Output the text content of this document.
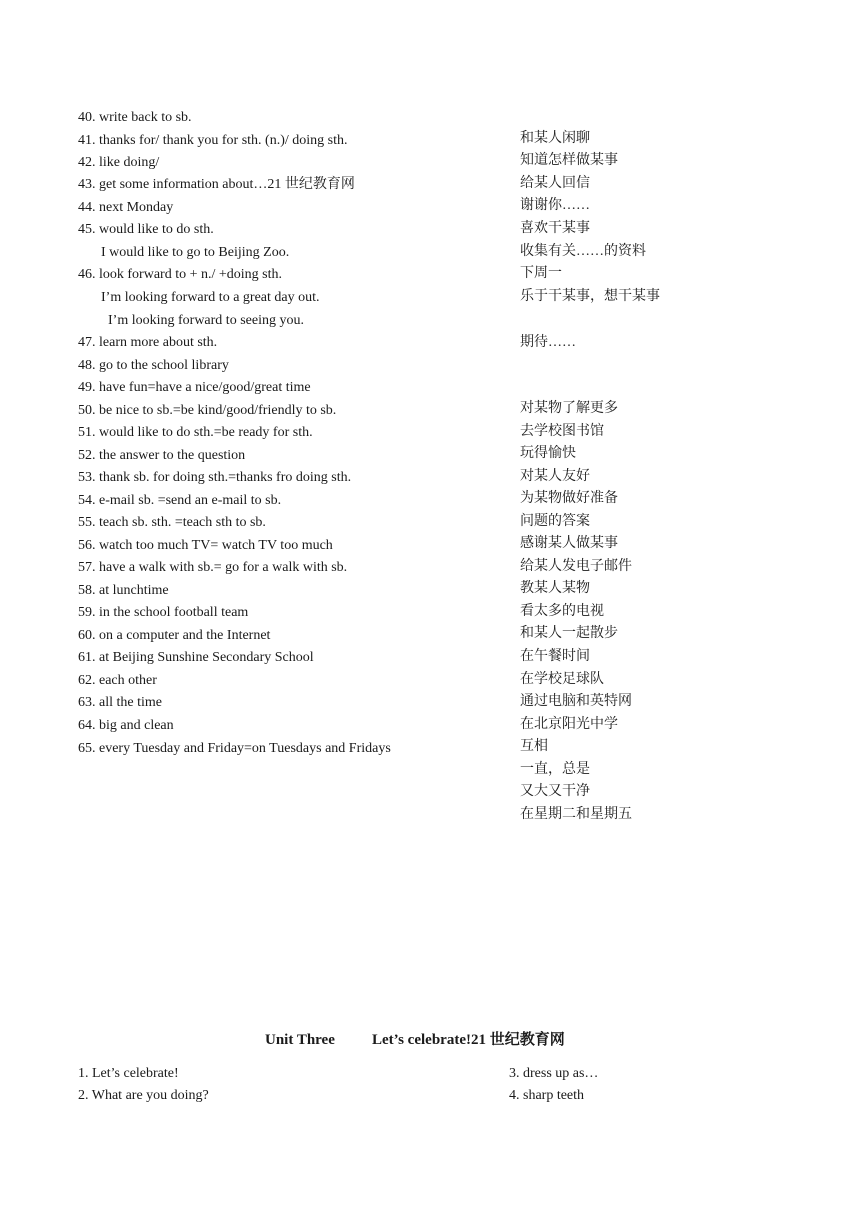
40. write back to sb.
41. thanks for/ thank you for sth. (n.)/ doing sth.
42. like doing/
43. get some information about…21 世纪教育网
44. next Monday
45. would like to do sth.
I would like to go to Beijing Zoo.
46. look forward to + n./ +doing sth.
I’m looking forward to a great day out.
I’m looking forward to seeing you.
47. learn more about sth.
48. go to the school library
49. have fun=have a nice/good/great time
50. be nice to sb.=be kind/good/friendly to sb.
51. would like to do sth.=be ready for sth.
52. the answer to the question
53. thank sb. for doing sth.=thanks fro doing sth.
54. e-mail sb. =send an e-mail to sb.
55. teach sb. sth. =teach sth to sb.
56. watch too much TV= watch TV too much
57. have a walk with sb.= go for a walk with sb.
58. at lunchtime
59. in the school football team
60. on a computer and the Internet
61. at Beijing Sunshine Secondary School
62. each other
63. all the time
64. big and clean
65. every Tuesday and Friday=on Tuesdays and Fridays
和某人闲聊
知道怎样做某事
给某人回信
谢谢你……
喜欢干某事
收集有关……的资料
下周一
乐于干某事，想干某事
期待……
对某物了解更多
去学校图书馆
玩得愉快
对某人友好
为某物做好准备
问题的答案
感谢某人做某事
给某人发电子邮件
教某人某物
看太多的电视
和某人一起散步
在午餐时间
在学校足球队
通过电脑和英特网
在北京阳光中学
互相
一直，总是
又大又干净
在星期二和星期五
Unit Three Let’s celebrate!21 世纪教育网
1. Let’s celebrate!
2. What are you doing?
3. dress up as…
4. sharp teeth
